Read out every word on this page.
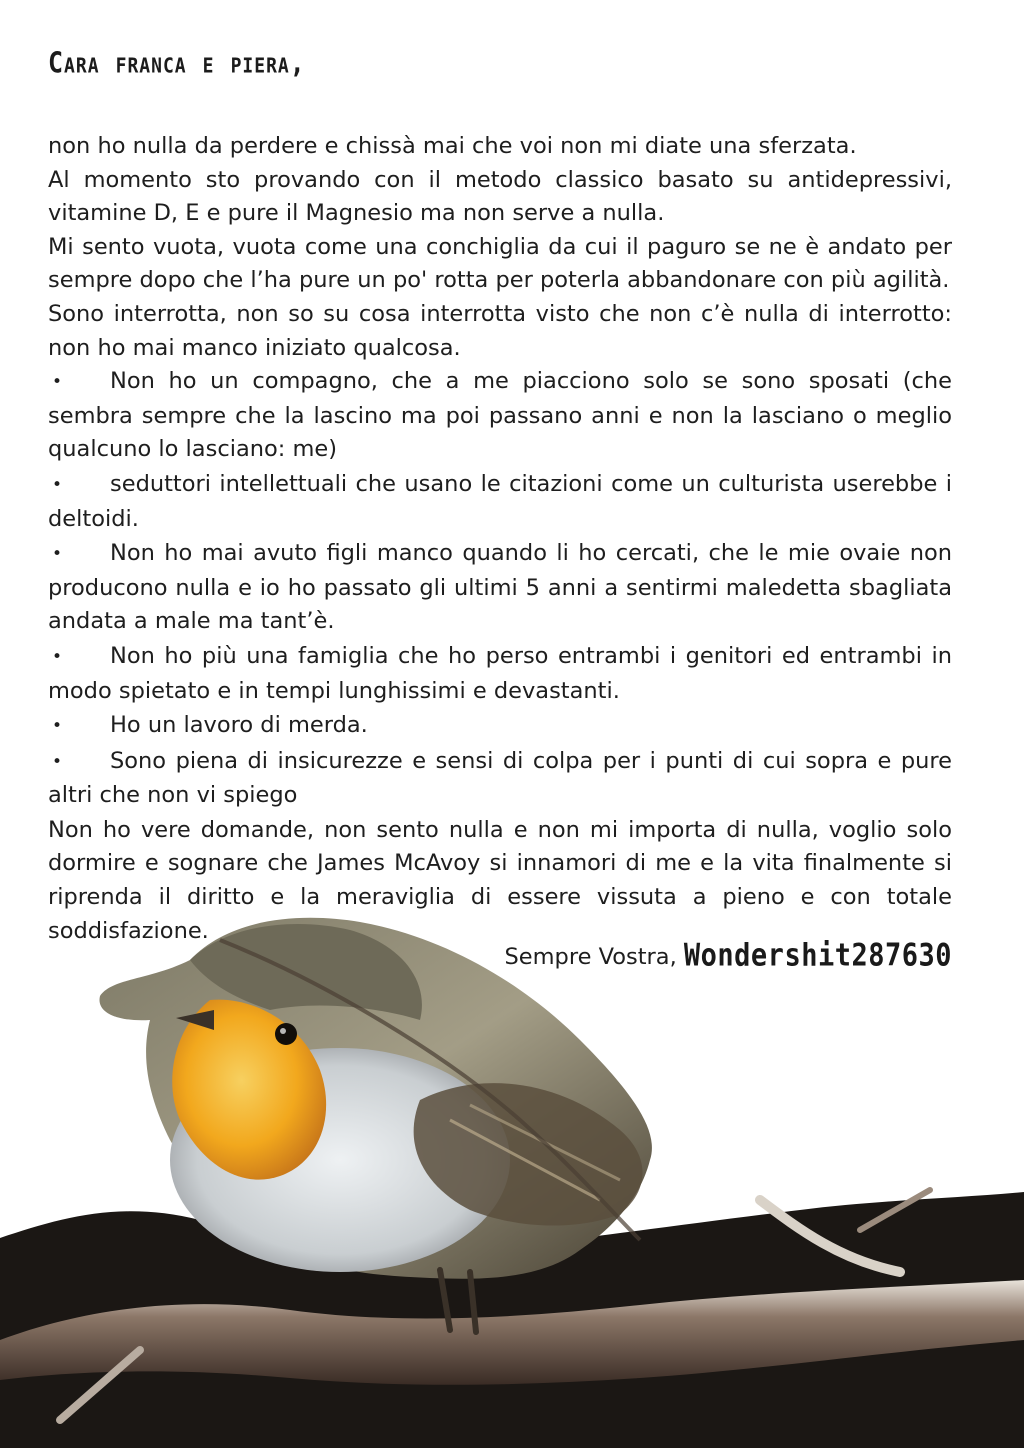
Cara franca e piera,

non ho nulla da perdere e chissà mai che voi non mi diate una sferzata.

Al momento sto provando con il metodo classico basato su antidepressivi, vitamine D, E e pure il Magnesio ma non serve a nulla.

Mi sento vuota, vuota come una conchiglia da cui il paguro se ne è andato per sempre dopo che l’ha pure un po' rotta per poterla abbandonare con più agilità.

Sono interrotta, non so su cosa interrotta visto che non c’è nulla di interrotto: non ho mai manco iniziato qualcosa.

• Non ho un compagno, che a me piacciono solo se sono sposati (che sembra sempre che la lascino ma poi passano anni e non la lasciano o meglio qualcuno lo lasciano: me)
• seduttori intellettuali che usano le citazioni come un culturista userebbe i deltoidi.
• Non ho mai avuto figli manco quando li ho cercati, che le mie ovaie non producono nulla e io ho passato gli ultimi 5 anni a sentirmi maledetta sbagliata andata a male ma tant’è.
• Non ho più una famiglia che ho perso entrambi i genitori ed entrambi in modo spietato e in tempi lunghissimi e devastanti.
• Ho un lavoro di merda.
• Sono piena di insicurezze e sensi di colpa per i punti di cui sopra e pure altri che non vi spiego

Non ho vere domande, non sento nulla e non mi importa di nulla, voglio solo dormire e sognare che James McAvoy si innamori di me e la vita finalmente si riprenda il diritto e la meraviglia di essere vissuta a pieno e con totale soddisfazione.

Sempre Vostra, Wondershit287630
